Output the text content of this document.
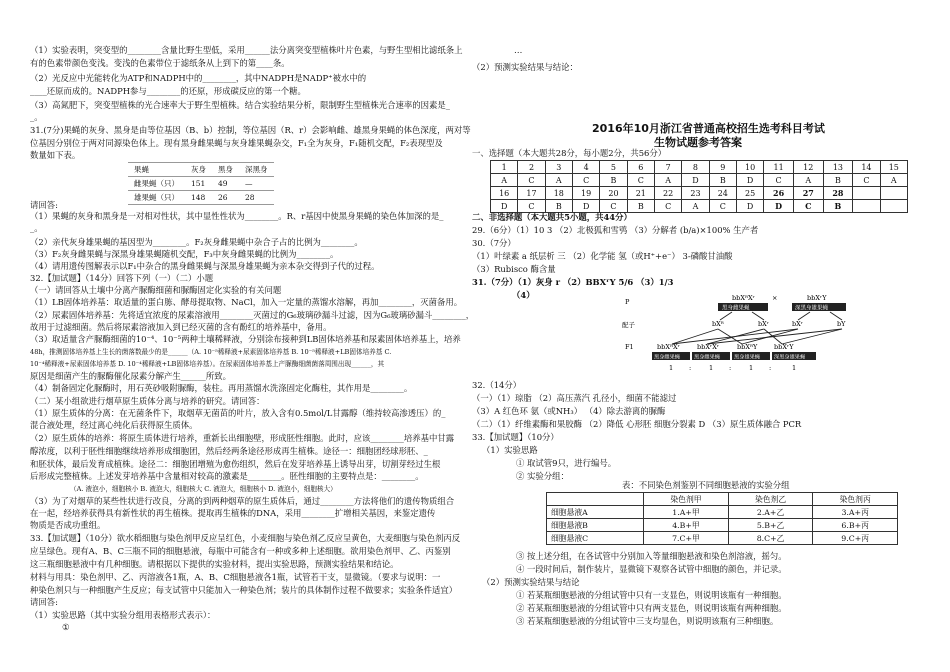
（1）实验表明，突变型的________含量比野生型低，采用______法分离突变型植株叶片色素，与野生型相比滤纸条上
有的色素带颜色变浅。变浅的色素带位于滤纸条从上到下的第____条。
（2）光反应中光能转化为ATP和NADPH中的________，其中NADPH是NADP⁺被水中的
____还原而成的。NADPH参与________的还原，形成碳反应的第一个糖。
（3）高氮肥下，突变型植株的光合速率大于野生型植株。结合实验结果分析，限制野生型植株光合速率的因素是_
_。
31.(7分)果蝇的灰身、黑身是由等位基因（B、b）控制，等位基因（R、r）会影响雌、雄黑身果蝇的体色深度，两对等
位基因分别位于两对同源染色体上。现有黑身雌果蝇与灰身雄果蝇杂交，F₁全为灰身，F₁随机交配，F₂表现型及
数量如下表。
果蝇	灰身	黑身	深黑身
雌果蝇（只）	151	49	—
雄果蝇（只）	148	26	28
请回答:
（1）果蝇的灰身和黑身是一对相对性状，其中显性性状为________。R、r基因中使黑身果蝇的染色体加深的是_
_。
（2）亲代灰身雄果蝇的基因型为________。F₂灰身雌果蝇中杂合子占的比例为________。
（3）F₂灰身雌果蝇与深黑身雄果蝇随机交配，F₃中灰身雌果蝇的比例为________。
（4）请用遗传图解表示以F₁中杂合的黑身雌果蝇与深黑身雄果蝇为亲本杂交得到子代的过程。
32.【加试题】（14分）回答下列（一）（二）小题
（一）请回答从土壤中分离产脲酶细菌和脲酶固定化实验的有关问题
（1）LB固体培养基：取适量的蛋白胨、酵母提取物、NaCl，加入一定量的蒸馏水溶解，再加________，灭菌备用。
（2）尿素固体培养基：先将适宜浓度的尿素溶液用________灭菌过的G₆玻璃砂漏斗过滤，因为G₆玻璃砂漏斗________，
故用于过滤细菌。然后将尿素溶液加入到已经灭菌的含有酚红的培养基中，备用。
（3）取适量含产脲酶细菌的10⁻⁴、10⁻⁵两种土壤稀释液，分别涂布接种到LB固体培养基和尿素固体培养基上，培养
48h，推测固体培养基上生长的菌落数最少的是______（A. 10⁻⁵稀释液+尿素固体培养基 B. 10⁻⁵稀释液+LB固体培养基 C.
10⁻⁴稀释液+尿素固体培养基 D. 10⁻⁴稀释液+LB固体培养基）。在尿素固体培养基上产脲酶细菌菌落周围出现______，其
原因是细菌产生的脲酶催化尿素分解产生______所致。
（4）制备固定化脲酶时，用石英砂吸附脲酶，装柱。再用蒸馏水洗涤固定化酶柱，其作用是________。
（二）某小组欲进行烟草原生质体分离与培养的研究。请回答：
（1）原生质体的分离：在无菌条件下，取烟草无菌苗的叶片，放入含有0.5mol/L甘露醇（维持较高渗透压）的_
混合液处理，经过离心纯化后获得原生质体。
（2）原生质体的培养：将原生质体进行培养，重新长出细胞壁，形成胚性细胞。此时，应该________培养基中甘露
醇浓度，以利于胚性细胞继续培养形成细胞团，然后经两条途径形成再生植株。途径一：细胞团经球形胚、_
和胚状体，最后发育成植株。途径二：细胞团增殖为愈伤组织，然后在发芽培养基上诱导出芽，切割芽经过生根
后形成完整植株。上述发芽培养基中含量相对较高的激素是________。胚性细胞的主要特点是：________。
（A. 液泡小，细胞核小 B. 液泡大，细胞核大 C. 液泡大，细胞核小 D. 液泡小，细胞核大）
（3）为了对烟草的某些性状进行改良，分离的到两种烟草的原生质体后，通过________方法将他们的遗传物质组合
在一起，经培养获得具有新性状的再生植株。提取再生植株的DNA，采用________扩增相关基因，来鉴定遗传
物质是否成功重组。
33.【加试题】（10分）欲水稻细胞与染色剂甲反应呈红色，小麦细胞与染色剂乙反应呈黄色，大麦细胞与染色剂丙反
应呈绿色。现有A、B、C三瓶不同的细胞悬液，每瓶中可能含有一种或多种上述细胞。欲用染色剂甲、乙、丙鉴别
这三瓶细胞悬液中有几种细胞。请根据以下提供的实验材料，提出实验思路，预测实验结果和结论。
材料与用具：染色剂甲、乙、丙溶液各1瓶，A、B、C细胞悬液各1瓶，试管若干支，显微镜。（要求与说明：一
种染色剂只与一种细胞产生反应；每支试管中只能加入一种染色剂；装片的具体制作过程不做要求；实验条件适宜）
请回答:
（1）实验思路（其中实验分组用表格形式表示）：
①
…
（2）预测实验结果与结论：
2016年10月浙江省普通高校招生选考科目考试
生物试题参考答案
一、选择题（本大题共28分，每小题2分，共56分）
1	2	3	4	5	6	7	8	9	10	11	12	13	14	15
A	C	A	C	B	C	A	D	B	D	C	A	B	C	A
16	17	18	19	20	21	22	23	24	25	26	27	28		
D	C	B	D	C	B	C	A	C	D	D	C	B		
二、非选择题（本大题共5小题，共44分）
29.（6分）（1）10 3 （2）北极狐和雪鸮 （3）分解者 (b/a)×100% 生产者
30.（7分）
（1）叶绿素 a 纸层析 三 （2）化学能 氢（或H⁺+e⁻） 3-磷酸甘油酸
（3）Rubisco 酶含量
31.（7分）（1）灰身 r （2）BBXʳY 5/6 （3）1/3
（4）
P	bbXᴿXʳ	×	bbXʳY
黑身雌果蝇	深黑身雄果蝇
配子	bXᴿ	bXʳ	bXʳ	bY
F1	bbXᴿXʳ	bbXʳXʳ	bbXᴿY	bbXʳY
黑身雌果蝇	黑身雌果蝇	黑身雄果蝇	深黑身雄果蝇
1 :	1 :	1 :	1
32.（14分）
（一）（1）琼脂 （2）高压蒸汽 孔径小，细菌不能滤过
（3）A 红色环 氨（或NH₃） （4）除去游离的脲酶
（二）（1）纤维素酶和果胶酶 （2）降低 心形胚 细胞分裂素 D （3）原生质体融合 PCR
33.【加试题】（10分）
（1）实验思路
① 取试管9只，进行编号。
② 实验分组：
表：不同染色剂鉴别不同细胞悬液的实验分组
	染色剂甲	染色剂乙	染色剂丙
细胞悬液A	1.A+甲	2.A+乙	3.A+丙
细胞悬液B	4.B+甲	5.B+乙	6.B+丙
细胞悬液C	7.C+甲	8.C+乙	9.C+丙
③ 按上述分组，在各试管中分别加入等量细胞悬液和染色剂溶液，摇匀。
④ 一段时间后，制作装片，显微镜下观察各试管中细胞的颜色，并记录。
（2）预测实验结果与结论
① 若某瓶细胞悬液的分组试管中只有一支显色，则说明该瓶有一种细胞。
② 若某瓶细胞悬液的分组试管中只有两支显色，则说明该瓶有两种细胞。
③ 若某瓶细胞悬液的分组试管中三支均显色，则说明该瓶有三种细胞。
